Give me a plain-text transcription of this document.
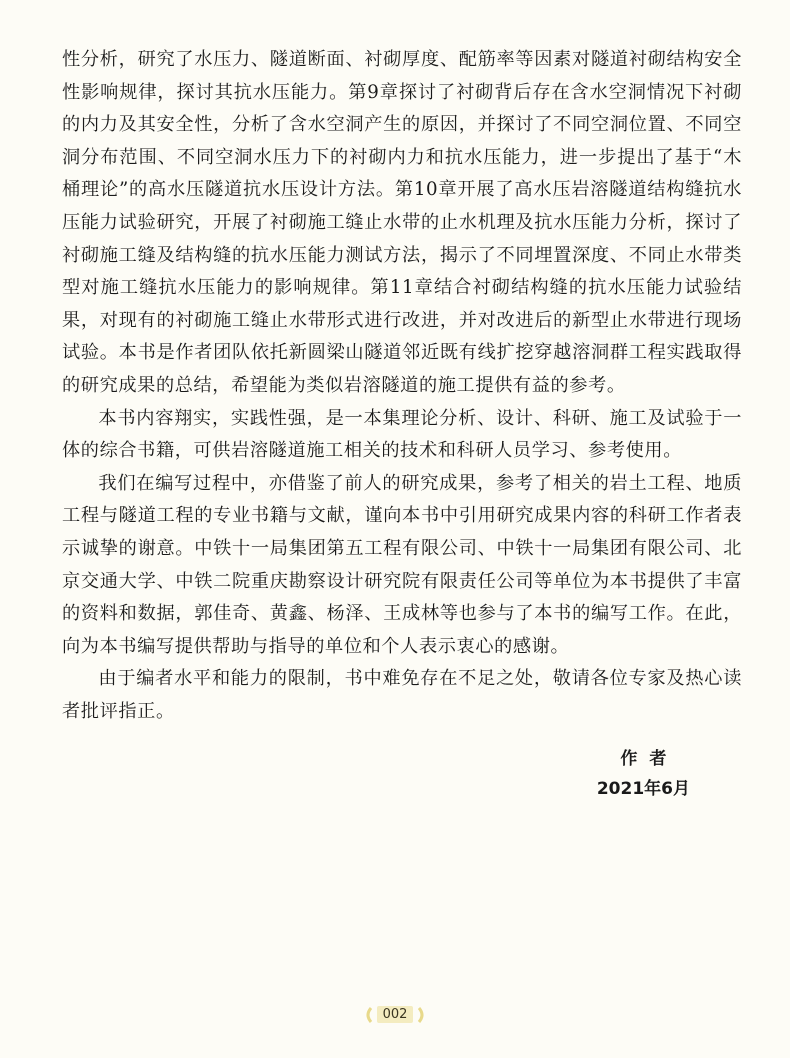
性分析，研究了水压力、隧道断面、衬砌厚度、配筋率等因素对隧道衬砌结构安全性影响规律，探讨其抗水压能力。第9章探讨了衬砌背后存在含水空洞情况下衬砌的内力及其安全性，分析了含水空洞产生的原因，并探讨了不同空洞位置、不同空洞分布范围、不同空洞水压力下的衬砌内力和抗水压能力，进一步提出了基于“木桶理论”的高水压隧道抗水压设计方法。第10章开展了高水压岩溶隧道结构缝抗水压能力试验研究，开展了衬砌施工缝止水带的止水机理及抗水压能力分析，探讨了衬砌施工缝及结构缝的抗水压能力测试方法，揭示了不同埋置深度、不同止水带类型对施工缝抗水压能力的影响规律。第11章结合衬砌结构缝的抗水压能力试验结果，对现有的衬砌施工缝止水带形式进行改进，并对改进后的新型止水带进行现场试验。本书是作者团队依托新圆梁山隧道邻近既有线扩挖穿越溶洞群工程实践取得的研究成果的总结，希望能为类似岩溶隧道的施工提供有益的参考。

本书内容翔实，实践性强，是一本集理论分析、设计、科研、施工及试验于一体的综合书籍，可供岩溶隧道施工相关的技术和科研人员学习、参考使用。

我们在编写过程中，亦借鉴了前人的研究成果，参考了相关的岩土工程、地质工程与隧道工程的专业书籍与文献，谨向本书中引用研究成果内容的科研工作者表示诚挚的谢意。中铁十一局集团第五工程有限公司、中铁十一局集团有限公司、北京交通大学、中铁二院重庆勘察设计研究院有限责任公司等单位为本书提供了丰富的资料和数据，郭佳奇、黄鑫、杨泽、王成林等也参与了本书的编写工作。在此，向为本书编写提供帮助与指导的单位和个人表示衷心的感谢。

由于编者水平和能力的限制，书中难免存在不足之处，敬请各位专家及热心读者批评指正。

作者
2021年6月
002
